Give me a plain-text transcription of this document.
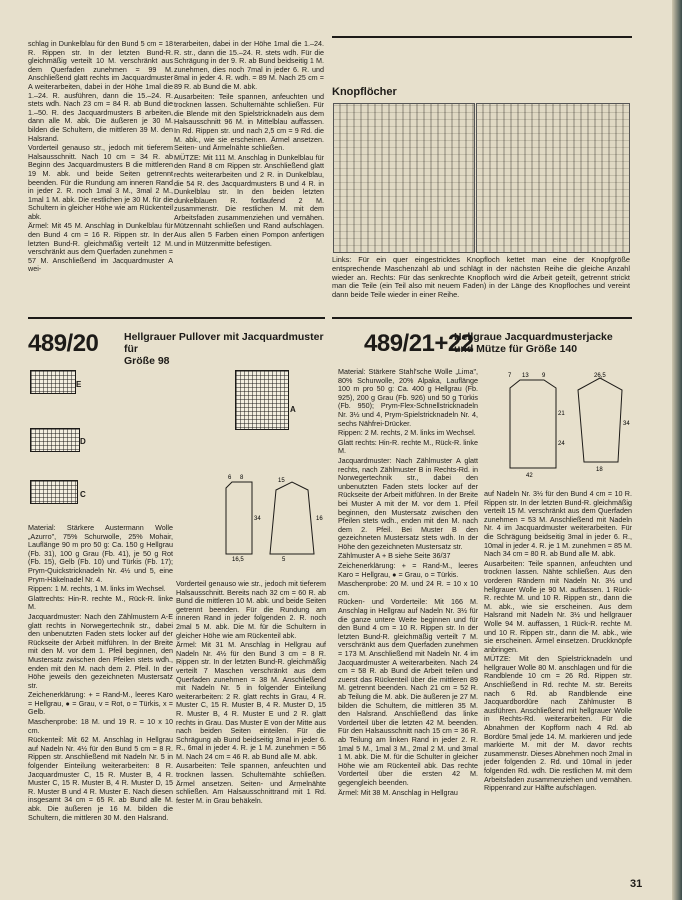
schlag in Dunkelblau für den Bund 5 cm = 18 R. Rippen str. In der letzten Bund-R. gleichmäßig verteilt 10 M. verschränkt aus dem Querfaden zunehmen = 99 M. Anschließend glatt rechts im Jacquardmuster A weiterarbeiten, dabei in der Höhe 1mal die 1.–24. R. ausführen, dann die 15.–24. R. stets wdh. Nach 23 cm = 84 R. ab Bund die 1.–50. R. des Jacquardmusters B arbeiten, dann alle M. abk. Die äußeren je 30 M. bilden die Schultern, die mittleren 39 M. den Halsrand.

Vorderteil genauso str., jedoch mit tieferem Halsausschnitt. Nach 10 cm = 34 R. ab Beginn des Jacquardmusters B die mittleren 19 M. abk. und beide Seiten getrennt beenden. Für die Rundung am inneren Rand in jeder 2. R. noch 1mal 3 M., 3mal 2 M., 1mal 1 M. abk. Die restlichen je 30 M. für die Schultern in gleicher Höhe wie am Rückenteil abk.

Ärmel: Mit 45 M. Anschlag in Dunkelblau für den Bund 4 cm = 16 R. Rippen str. In der letzten Bund-R. gleichmäßig verteilt 12 M. verschränkt aus dem Querfaden zunehmen = 57 M. Anschließend im Jacquardmuster A wei-

terarbeiten, dabei in der Höhe 1mal die 1.–24. R. str., dann die 15.–24. R. stets wdh. Für die Schrägung in der 9. R. ab Bund beidseitig 1 M. zunehmen, dies noch 7mal in jeder 6. R. und 8mal in jeder 4. R. wdh. = 89 M. Nach 25 cm = 89 R. ab Bund die M. abk.

Ausarbeiten: Teile spannen, anfeuchten und trocknen lassen. Schulternähte schließen. Für die Blende mit den Spielstricknadeln aus dem Halsausschnitt 96 M. in Mittelblau auffassen. In Rd. Rippen str. und nach 2,5 cm = 9 Rd. die M. abk., wie sie erscheinen. Ärmel ansetzen. Seiten- und Ärmelnähte schließen.

MÜTZE: Mit 111 M. Anschlag in Dunkelblau für den Rand 8 cm Rippen str. Anschließend glatt rechts weiterarbeiten und 2 R. in Dunkelblau, die 54 R. des Jacquardmusters B und 4 R. in Dunkelblau str. In den beiden letzten dunkelblauen R. fortlaufend 2 M. zusammenstr. Die restlichen M. mit dem Arbeitsfaden zusammenziehen und vernähen. Mützennaht schließen und Rand aufschlagen. Aus allen 5 Farben einen Pompon anfertigen und in Mützenmitte befestigen.

Knopflöcher
Links: Für ein quer eingestricktes Knopfloch kettet man eine der Knopfgröße entsprechende Maschenzahl ab und schlägt in der nächsten Reihe die gleiche Anzahl wieder an. Rechts: Für das senkrechte Knopfloch wird die Arbeit geteilt, getrennt strickt man die Teile (ein Teil also mit neuem Faden) in der Länge des Knopfloches und vereint dann beide Teile wieder in einer Reihe.
489/20 Hellgrauer Pullover mit Jacquardmuster für
Größe 98
489/21+22
Hellgraue Jacquardmusterjacke
und Mütze für Größe 140
E
A
D
C
6 8
34
16,5
15
16
5

Material: Stärkere Austermann Wolle „Azurro", 75% Schurwolle, 25% Mohair, Lauflänge 90 m pro 50 g: Ca. 150 g Hellgrau (Fb. 31), 100 g Grau (Fb. 41), je 50 g Rot (Fb. 15), Gelb (Fb. 10) und Türkis (Fb. 17); Prym-Quickstricknadeln Nr. 4½ und 5, eine Prym-Häkelnadel Nr. 4.

Rippen: 1 M. rechts, 1 M. links im Wechsel.

Glattrechts: Hin-R. rechte M., Rück-R. linke M.

Jacquardmuster: Nach den Zählmustern A-E glatt rechts in Norwegertechnik str., dabei den unbenutzten Faden stets locker auf der Rückseite der Arbeit mitführen. In der Breite mit den M. vor dem 1. Pfeil beginnen, den Mustersatz zwischen den Pfeilen stets wdh., enden mit den M. nach dem 2. Pfeil. In der Höhe jeweils den gezeichneten Mustersatz str.

Zeichenerklärung: + = Rand-M., leeres Karo = Hellgrau, ● = Grau, v = Rot, o = Türkis, x = Gelb.

Maschenprobe: 18 M. und 19 R. = 10 x 10 cm.

Rückenteil: Mit 62 M. Anschlag in Hellgrau auf Nadeln Nr. 4½ für den Bund 5 cm = 8 R. Rippen str. Anschließend mit Nadeln Nr. 5 in folgender Einteilung weiterarbeiten: 8 R. Jacquardmuster C, 15 R. Muster B, 4 R. Muster C, 15 R. Muster B, 4 R. Muster D, 15 R. Muster B und 4 R. Muster E. Nach diesen insgesamt 34 cm = 65 R. ab Bund alle M. abk. Die äußeren je 16 M. bilden die Schultern, die mittleren 30 M. den Halsrand.

Vorderteil genauso wie str., jedoch mit tieferem Halsausschnitt. Bereits nach 32 cm = 60 R. ab Bund die mittleren 10 M. abk. und beide Seiten getrennt beenden. Für die Rundung am inneren Rand in jeder folgenden 2. R. noch 2mal 5 M. abk. Die M. für die Schultern in gleicher Höhe wie am Rückenteil abk.

Ärmel: Mit 31 M. Anschlag in Hellgrau auf Nadeln Nr. 4½ für den Bund 3 cm = 8 R. Rippen str. In der letzten Bund-R. gleichmäßig verteilt 7 Maschen verschränkt aus dem Querfaden zunehmen = 38 M. Anschließend mit Nadeln Nr. 5 in folgender Einteilung weiterarbeiten: 2 R. glatt rechts in Grau, 4 R. Muster C, 15 R. Muster B, 4 R. Muster D, 15 R. Muster B, 4 R. Muster E und 2 R. glatt rechts in Grau. Das Muster E von der Mitte aus nach beiden Seiten einteilen. Für die Schrägung ab Bund beidseitig 3mal in jeder 6. R., 6mal in jeder 4. R. je 1 M. zunehmen = 56 M. Nach 24 cm = 46 R. ab Bund alle M. abk.

Ausarbeiten: Teile spannen, anfeuchten und trocknen lassen. Schulternähte schließen. Ärmel ansetzen. Seiten- und Ärmelnähte schließen. Am Halsausschnittrand mit 1 Rd. fester M. in Grau behäkeln.

7 13 9
21
24
42
26,5
34
18

Material: Stärkere Stahl'sche Wolle „Lima", 80% Schurwolle, 20% Alpaka, Lauflänge 100 m pro 50 g: Ca. 400 g Hellgrau (Fb. 925), 200 g Grau (Fb. 926) und 50 g Türkis (Fb. 950); Prym-Flex-Schnellstricknadeln Nr. 3½ und 4, Prym-Spielstricknadeln Nr. 4, sechs Nähfrei-Drücker.

Rippen: 2 M. rechts, 2 M. links im Wechsel.

Glatt rechts: Hin-R. rechte M., Rück-R. linke M.

Jacquardmuster: Nach Zählmuster A glatt rechts, nach Zählmuster B in Rechts-Rd. in Norwegertechnik str., dabei den unbenutzten Faden stets locker auf der Rückseite der Arbeit mitführen. In der Breite bei Muster A mit der M. vor dem 1. Pfeil beginnen, den Mustersatz zwischen den Pfeilen stets wdh., enden mit den M. nach dem 2. Pfeil. Bei Muster B den gezeichneten Mustersatz stets wdh. In der Höhe den gezeichneten Mustersatz str.

Zählmuster A + B siehe Seite 36/37

Zeichenerklärung: + = Rand-M., leeres Karo = Hellgrau, ● = Grau, o = Türkis.

Maschenprobe: 20 M. und 24 R. = 10 x 10 cm.

Rücken- und Vorderteile: Mit 166 M. Anschlag in Hellgrau auf Nadeln Nr. 3½ für die ganze untere Weite beginnen und für den Bund 4 cm = 10 R. Rippen str. In der letzten Bund-R. gleichmäßig verteilt 7 M. verschränkt aus dem Querfaden zunehmen = 173 M. Anschließend mit Nadeln Nr. 4 im Jacquardmuster A weiterarbeiten. Nach 24 cm = 58 R. ab Bund die Arbeit teilen und zuerst das Rückenteil über die mittleren 89 M. getrennt beenden. Nach 21 cm = 52 R. ab Teilung die M. abk. Die äußeren je 27 M. bilden die Schultern, die mittleren 35 M. den Halsrand. Anschließend das linke Vorderteil über die letzten 42 M. beenden. Für den Halsausschnitt nach 15 cm = 36 R. ab Teilung am linken Rand in jeder 2. R. 1mal 5 M., 1mal 3 M., 2mal 2 M. und 3mal 1 M. abk. Die M. für die Schulter in gleicher Höhe wie am Rückenteil abk. Das rechte Vorderteil über die ersten 42 M. gegengleich beenden.

Ärmel: Mit 38 M. Anschlag in Hellgrau

auf Nadeln Nr. 3½ für den Bund 4 cm = 10 R. Rippen str. In der letzten Bund-R. gleichmäßig verteilt 15 M. verschränkt aus dem Querfaden zunehmen = 53 M. Anschließend mit Nadeln Nr. 4 im Jacquardmuster weiterarbeiten. Für die Schrägung beidseitig 3mal in jeder 6. R., 10mal in jeder 4. R. je 1 M. zunehmen = 85 M. Nach 34 cm = 80 R. ab Bund alle M. abk.

Ausarbeiten: Teile spannen, anfeuchten und trocknen lassen. Nähte schließen. Aus den vorderen Rändern mit Nadeln Nr. 3½ und hellgrauer Wolle je 90 M. auffassen. 1 Rück-R. rechte M. und 10 R. Rippen str., dann die M. abk., wie sie erscheinen. Aus dem Halsrand mit Nadeln Nr. 3½ und hellgrauer Wolle 94 M. auffassen, 1 Rück-R. rechte M. und 10 R. Rippen str., dann die M. abk., wie sie erscheinen. Ärmel einsetzen. Druckknöpfe anbringen.

MÜTZE: Mit den Spielstricknadeln und hellgrauer Wolle 80 M. anschlagen und für die Randblende 10 cm = 26 Rd. Rippen str. Anschließend in Rd. rechte M. str. Bereits nach 6 Rd. ab Randblende eine Jacquardbordüre nach Zählmuster B ausführen. Anschließend mit hellgrauer Wolle in Rechts-Rd. weiterarbeiten. Für die Abnahmen der Kopfform nach 4 Rd. ab Bordüre 5mal jede 14. M. markieren und jede markierte M. mit der M. davor rechts zusammenstr. Dieses Abnehmen noch 2mal in jeder folgenden 2. Rd. und 10mal in jeder folgenden Rd. wdh. Die restlichen M. mit dem Arbeitsfaden zusammenziehen und vernähen. Rippenrand zur Hälfte aufschlagen.

31
